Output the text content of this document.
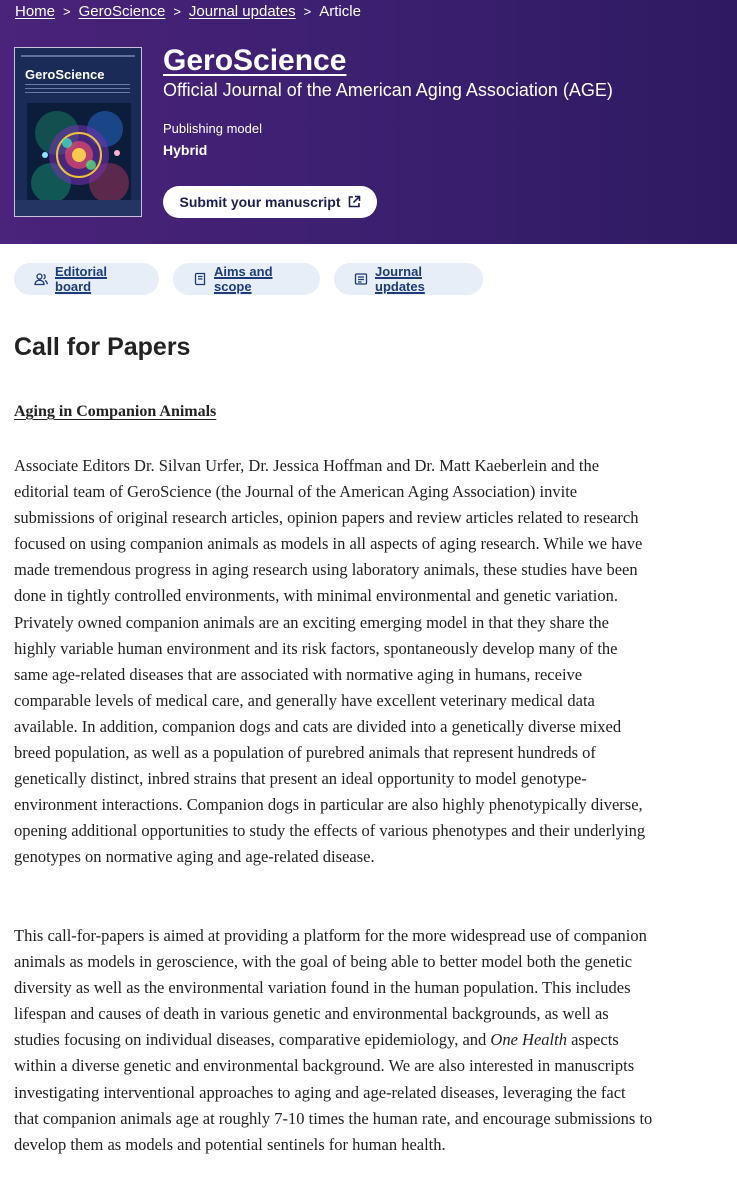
Home > GeroScience > Journal updates > Article
GeroScience GeroScience
Official Journal of the American Aging Association (AGE)
Publishing model
Hybrid
Submit your manuscript
Editorial board
Aims and scope
Journal updates
Call for Papers
Aging in Companion Animals

Associate Editors Dr. Silvan Urfer, Dr. Jessica Hoffman and Dr. Matt Kaeberlein and the editorial team of GeroScience (the Journal of the American Aging Association) invite submissions of original research articles, opinion papers and review articles related to research focused on using companion animals as models in all aspects of aging research. While we have made tremendous progress in aging research using laboratory animals, these studies have been done in tightly controlled environments, with minimal environmental and genetic variation. Privately owned companion animals are an exciting emerging model in that they share the highly variable human environment and its risk factors, spontaneously develop many of the same age-related diseases that are associated with normative aging in humans, receive comparable levels of medical care, and generally have excellent veterinary medical data available. In addition, companion dogs and cats are divided into a genetically diverse mixed breed population, as well as a population of purebred animals that represent hundreds of genetically distinct, inbred strains that present an ideal opportunity to model genotype-environment interactions. Companion dogs in particular are also highly phenotypically diverse, opening additional opportunities to study the effects of various phenotypes and their underlying genotypes on normative aging and age-related disease.

This call-for-papers is aimed at providing a platform for the more widespread use of companion animals as models in geroscience, with the goal of being able to better model both the genetic diversity as well as the environmental variation found in the human population. This includes lifespan and causes of death in various genetic and environmental backgrounds, as well as studies focusing on individual diseases, comparative epidemiology, and One Health aspects within a diverse genetic and environmental background. We are also interested in manuscripts investigating interventional approaches to aging and age-related diseases, leveraging the fact that companion animals age at roughly 7-10 times the human rate, and encourage submissions to develop them as models and potential sentinels for human health.
